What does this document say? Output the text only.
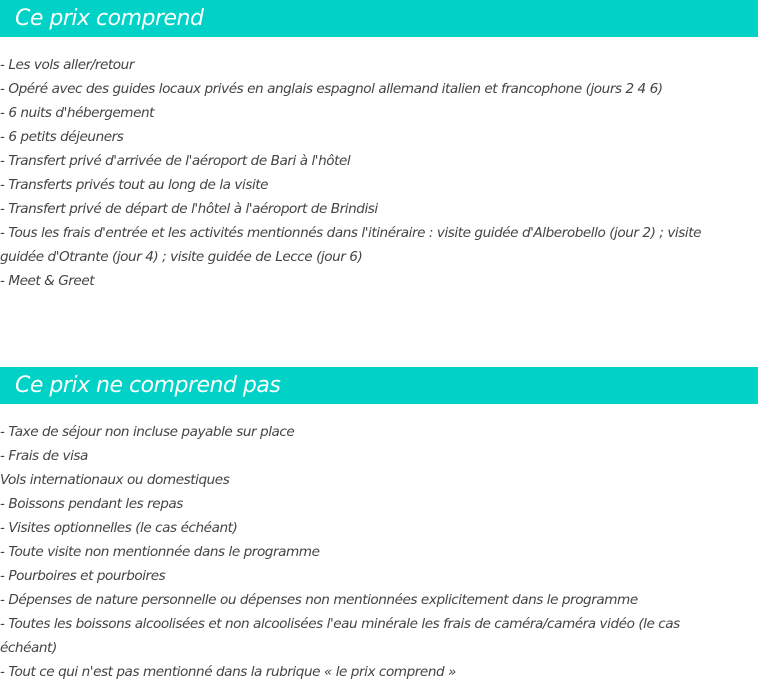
Ce prix comprend
- Les vols aller/retour
- Opéré avec des guides locaux privés en anglais espagnol allemand italien et francophone (jours 2 4 6)
- 6 nuits d'hébergement
- 6 petits déjeuners
- Transfert privé d'arrivée de l'aéroport de Bari à l'hôtel
- Transferts privés tout au long de la visite
- Transfert privé de départ de l'hôtel à l'aéroport de Brindisi
- Tous les frais d'entrée et les activités mentionnés dans l'itinéraire : visite guidée d'Alberobello (jour 2) ; visite guidée d'Otrante (jour 4) ; visite guidée de Lecce (jour 6)
- Meet & Greet
Ce prix ne comprend pas
- Taxe de séjour non incluse payable sur place
- Frais de visa
Vols internationaux ou domestiques
- Boissons pendant les repas
- Visites optionnelles (le cas échéant)
- Toute visite non mentionnée dans le programme
- Pourboires et pourboires
- Dépenses de nature personnelle ou dépenses non mentionnées explicitement dans le programme
- Toutes les boissons alcoolisées et non alcoolisées l'eau minérale les frais de caméra/caméra vidéo (le cas échéant)
- Tout ce qui n'est pas mentionné dans la rubrique « le prix comprend »
